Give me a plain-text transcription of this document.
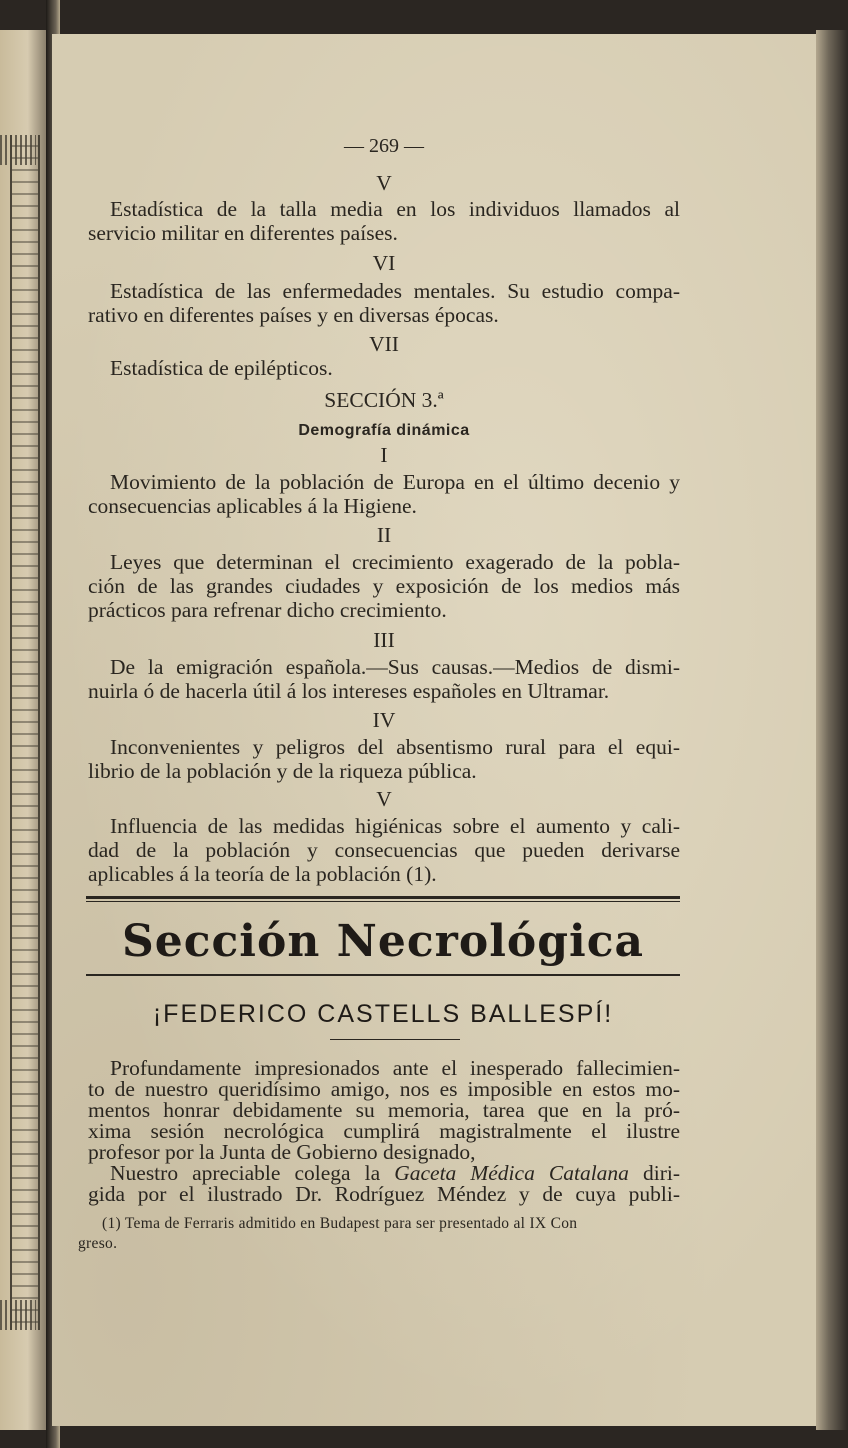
— 269 —
V
Estadística de la talla media en los individuos llamados al
servicio militar en diferentes países.
VI
Estadística de las enfermedades mentales. Su estudio compa-
rativo en diferentes países y en diversas épocas.
VII
Estadística de epilépticos.
SECCIÓN 3.ª
Demografía dinámica
I
Movimiento de la población de Europa en el último decenio y
consecuencias aplicables á la Higiene.
II
Leyes que determinan el crecimiento exagerado de la pobla-
ción de las grandes ciudades y exposición de los medios más
prácticos para refrenar dicho crecimiento.
III
De la emigración española.—Sus causas.—Medios de dismi-
nuirla ó de hacerla útil á los intereses españoles en Ultramar.
IV
Inconvenientes y peligros del absentismo rural para el equi-
librio de la población y de la riqueza pública.
V
Influencia de las medidas higiénicas sobre el aumento y cali-
dad de la población y consecuencias que pueden derivarse
aplicables á la teoría de la población (1).
Sección Necrológica
¡FEDERICO CASTELLS BALLESPÍ!
Profundamente impresionados ante el inesperado fallecimien-
to de nuestro queridísimo amigo, nos es imposible en estos mo-
mentos honrar debidamente su memoria, tarea que en la pró-
xima sesión necrológica cumplirá magistralmente el ilustre
profesor por la Junta de Gobierno designado,
Nuestro apreciable colega la Gaceta Médica Catalana diri-
gida por el ilustrado Dr. Rodríguez Méndez y de cuya publi-
(1) Tema de Ferraris admitido en Budapest para ser presentado al IX Con
greso.
